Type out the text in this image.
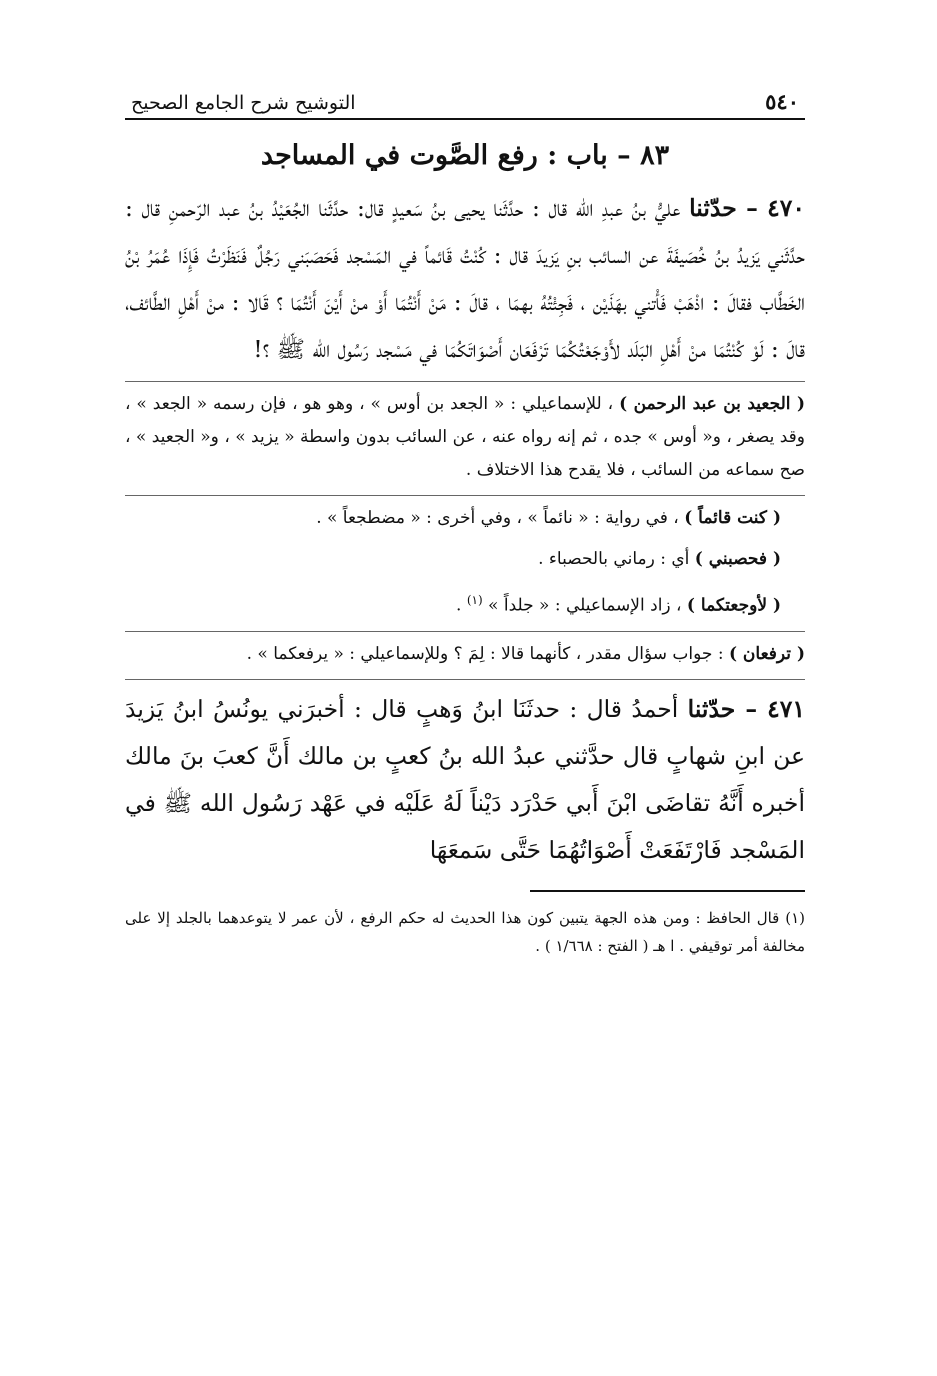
٥٤٠
التوشيح شرح الجامع الصحيح
٨٣ – باب : رفع الصَّوت في المساجد

٤٧٠ – حدّثنا عليُّ بنُ عبدِ الله قال : حدَّثَنا يحيى بنُ سَعيدٍ قال: حدَّثَنا الجُعَيْدُ بنُ عبد الرّحمنِ قال : حدَّثَني يَزيدُ بنُ خُصَيفَةَ عن السائب بنِ يَزيدَ قال : كُنْتُ قَائماً في المَسْجد فَحَصَبَني رَجُلٌ فَنَظَرْتُ فَإِذَا عُمَرُ بْنُ الخَطَّاب فقالَ : اذْهَبْ فَأْتني بهَذَيْن ، فَجِئْتُهُ بهمَا ، قالَ : مَنْ أَنْتُمَا أَوْ منْ أَيْنَ أَنْتُمَا ؟ قَالا : منْ أَهْلِ الطَّائف، قالَ : لَوْ كُنْتُمَا منْ أَهْلِ البَلَد لأَوْجَعْتُكُمَا تَرْفَعَان أَصْوَاتَكُمَا في مَسْجد رَسُول الله ﷺ ؟!

( الجعيد بن عبد الرحمن ) ، للإسماعيلي : « الجعد بن أوس » ، وهو هو ، فإن رسمه « الجعد » ، وقد يصغر ، و« أوس » جده ، ثم إنه رواه عنه ، عن السائب بدون واسطة « يزيد » ، و« الجعيد » ، صح سماعه من السائب ، فلا يقدح هذا الاختلاف .

( كنت قائماً ) ، في رواية : « نائماً » ، وفي أخرى : « مضطجعاً » .

( فحصبني ) أي : رماني بالحصباء .

( لأوجعتكما ) ، زاد الإسماعيلي : « جلداً » $^{(١)}$ .

( ترفعان ) : جواب سؤال مقدر ، كأنهما قالا : لِمَ ؟ وللإسماعيلي : « يرفعكما » .

٤٧١ – حدّثنا أحمدُ قال : حدثَنَا ابنُ وَهبٍ قال : أخبرَني يونُسُ ابنُ يَزيدَ عن ابنِ شهابٍ قال حدَّثني عبدُ الله بنُ كعبٍ بن مالك أَنَّ كعبَ بنَ مالك أخبره أَنَّهُ تقاضَى ابْنَ أَبي حَدْرَد دَيْناً لَهُ عَلَيْه في عَهْد رَسُول الله ﷺ في المَسْجد فَارْتَفَعَتْ أَصْوَاتُهُمَا حَتَّى سَمعَهَا

(١) قال الحافظ : ومن هذه الجهة يتبين كون هذا الحديث له حكم الرفع ، لأن عمر لا يتوعدهما بالجلد إلا على مخالفة أمر توقيفي . ا هـ ( الفتح : ١/٦٦٨ ) .
